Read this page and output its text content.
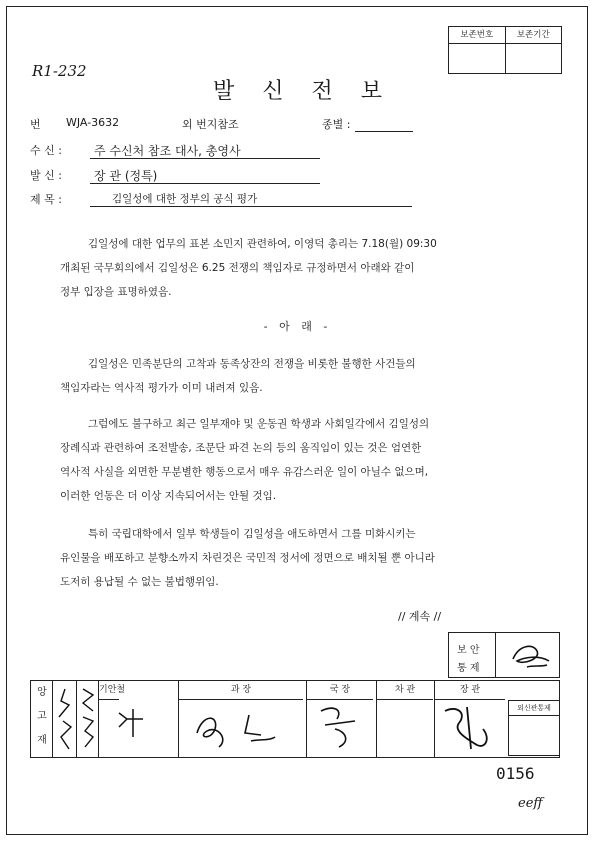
보존번호	보존기간
R1-232
발신전보
번 WJA-3632	외 번지참조	종별 :
수 신 :	주 수신처 참조 대사, 총영사
발 신 :	장 관 (정특)
제 목 :	김일성에 대한 정부의 공식 평가
김일성에 대한 업무의 표본 소민지 관련하여, 이영덕 총리는 7.18(월) 09:30
개최된 국무회의에서 김일성은 6.25 전쟁의 책임자로 규정하면서 아래와 같이
정부 입장을 표명하였음.
- 아 래 -
김일성은 민족분단의 고착과 동족상잔의 전쟁을 비롯한 불행한 사건들의
책임자라는 역사적 평가가 이미 내려져 있음.
그럼에도 불구하고 최근 일부재야 및 운동권 학생과 사회일각에서 김일성의
장례식과 관련하여 조전발송, 조문단 파견 논의 등의 움직임이 있는 것은 엄연한
역사적 사실을 외면한 무분별한 행동으로서 매우 유감스러운 일이 아닐수 없으며,
이러한 언동은 더 이상 지속되어서는 안될 것임.
특히 국립대학에서 일부 학생들이 김일성을 애도하면서 그를 미화시키는
유인물을 배포하고 분향소까지 차린것은 국민적 정서에 정면으로 배치될 뿐 아니라
도저히 용납될 수 없는 불법행위임.
// 계속 //
보 안
통 제
앙
고
재
기안철	과 장	국 장	차 관	장 관
외신관통제
0156
eeff
